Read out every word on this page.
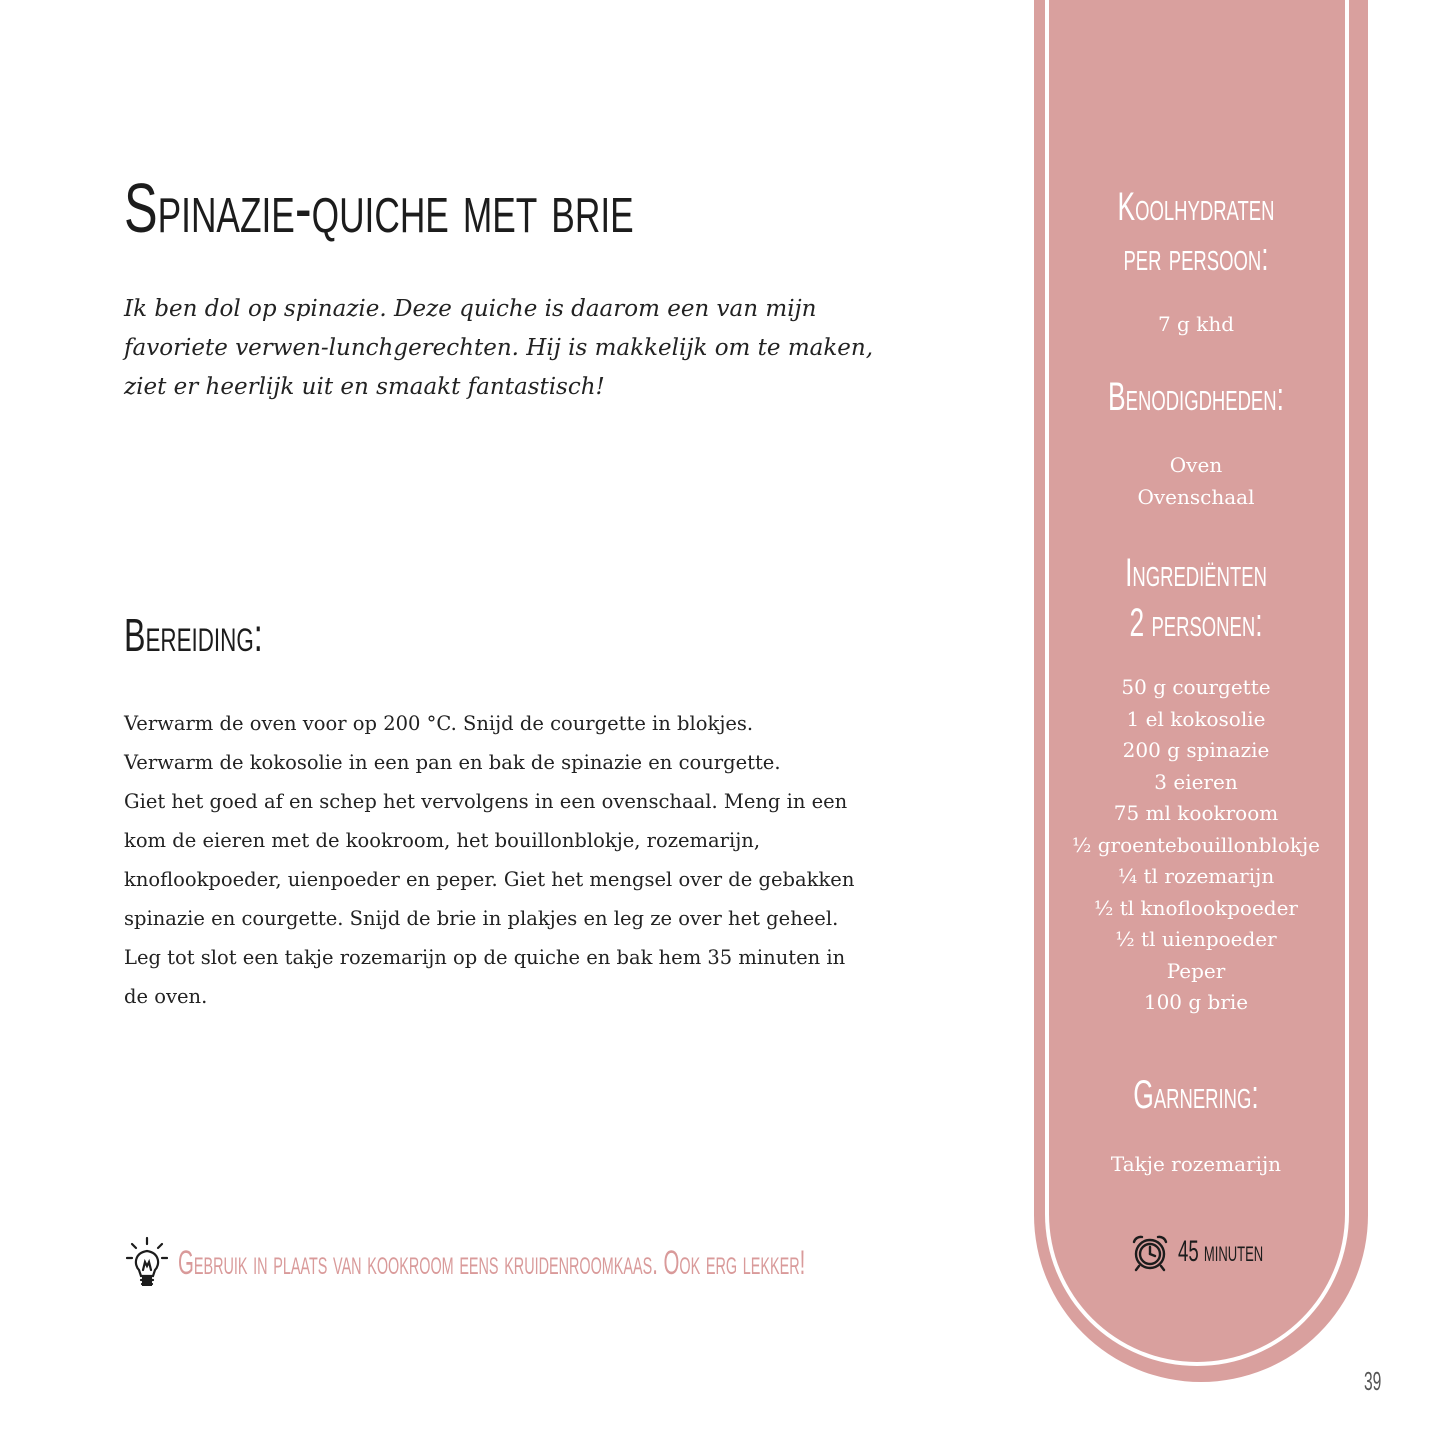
Spinazie-quiche met brie
Ik ben dol op spinazie. Deze quiche is daarom een van mijn
favoriete verwen-lunchgerechten. Hij is makkelijk om te maken,
ziet er heerlijk uit en smaakt fantastisch!
Bereiding:
Verwarm de oven voor op 200 °C. Snijd de courgette in blokjes.
Verwarm de kokosolie in een pan en bak de spinazie en courgette.
Giet het goed af en schep het vervolgens in een ovenschaal. Meng in een
kom de eieren met de kookroom, het bouillonblokje, rozemarijn,
knoflookpoeder, uienpoeder en peper. Giet het mengsel over de gebakken
spinazie en courgette. Snijd de brie in plakjes en leg ze over het geheel.
Leg tot slot een takje rozemarijn op de quiche en bak hem 35 minuten in
de oven.
Gebruik in plaats van kookroom eens kruidenroomkaas. Ook erg lekker!
Koolhydraten
per persoon:
7 g khd
Benodigdheden:
Oven
Ovenschaal
Ingrediënten
2 personen:
50 g courgette
1 el kokosolie
200 g spinazie
3 eieren
75 ml kookroom
½ groentebouillonblokje
¼ tl rozemarijn
½ tl knoflookpoeder
½ tl uienpoeder
Peper
100 g brie
Garnering:
Takje rozemarijn
45 minuten
39
